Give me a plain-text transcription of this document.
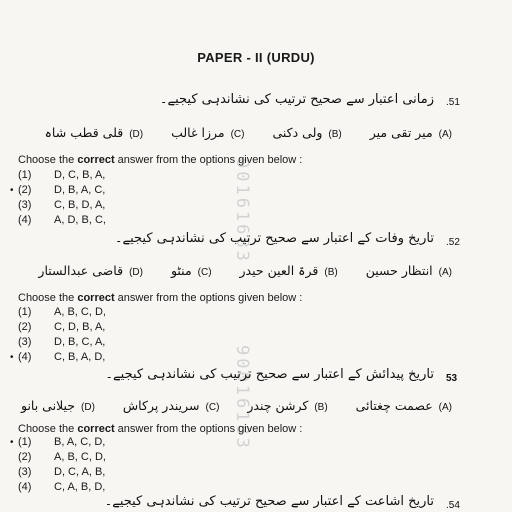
PAPER - II (URDU)
00161683
90016183
.51
زمانی اعتبار سے صحیح ترتیب کی نشاندہی کیجیے۔
(A)میر تقی میر (B)ولی دکنی (C)مرزا غالب (D)قلی قطب شاہ
Choose the correct answer from the options given below :
(1) D, C, B, A,
• (2) D, B, A, C,
(3) C, B, D, A,
(4) A, D, B, C,
.52
تاریخ وفات کے اعتبار سے صحیح ترتیب کی نشاندہی کیجیے۔
(A)انتظار حسین (B)قرۃ العین حیدر (C)منٹو (D)قاضی عبدالستار
Choose the correct answer from the options given below :
(1) A, B, C, D,
(2) C, D, B, A,
(3) D, B, C, A,
• (4) C, B, A, D,
53
تاریخ پیدائش کے اعتبار سے صحیح ترتیب کی نشاندہی کیجیے۔
(A)عصمت چغتائی (B)کرشن چندر (C)سریندر پرکاش (D)جیلانی بانو
Choose the correct answer from the options given below :
• (1) B, A, C, D,
(2) A, B, C, D,
(3) D, C, A, B,
(4) C, A, B, D,
.54
تاریخ اشاعت کے اعتبار سے صحیح ترتیب کی نشاندہی کیجیے۔
